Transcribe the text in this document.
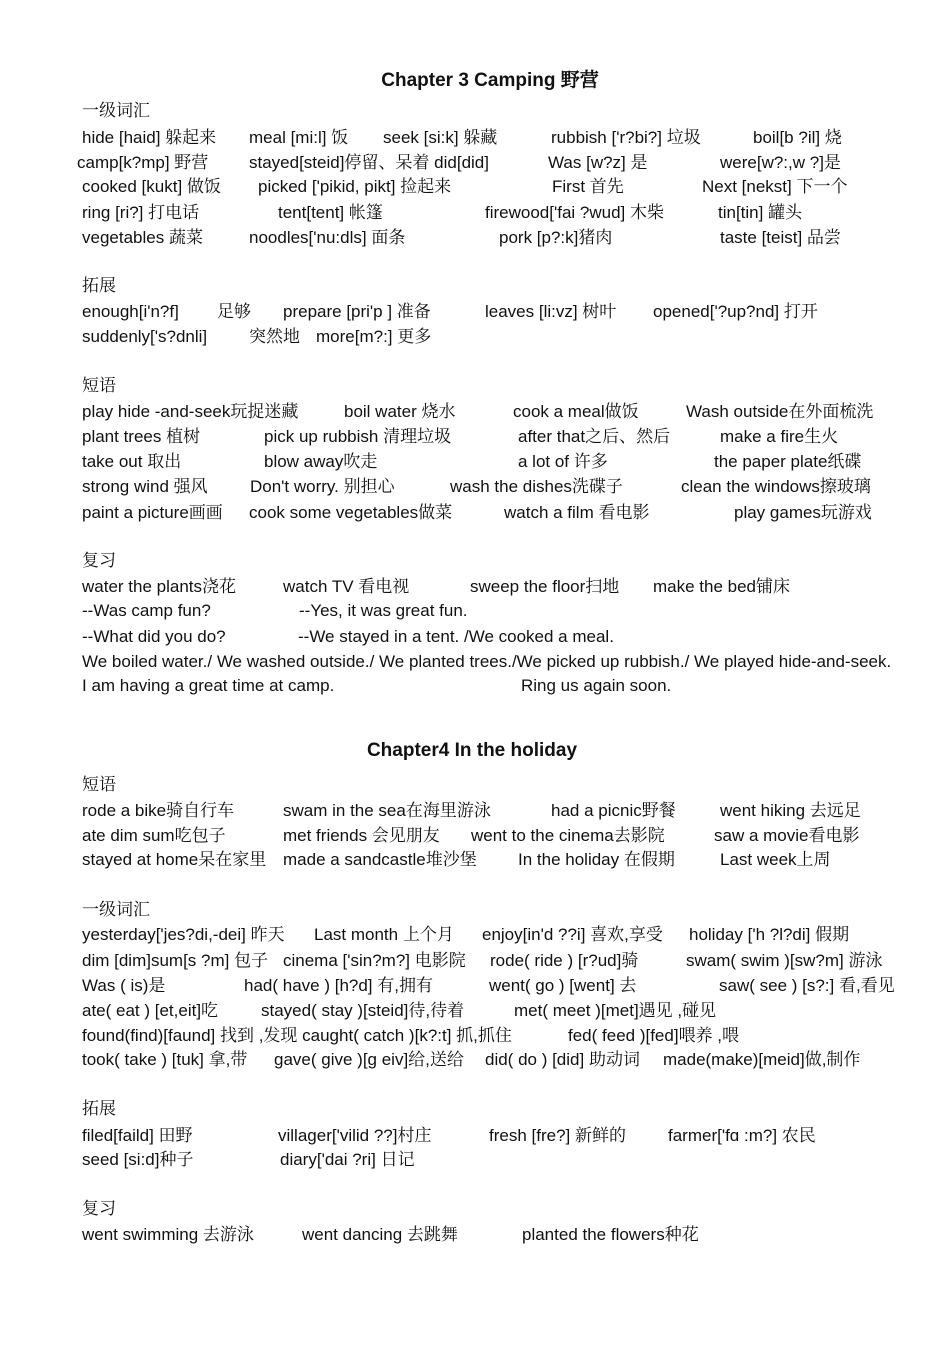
Chapter 3 Camping 野营
一级词汇
hide [haid] 躲起来 meal [mi:l] 饭 seek [si:k] 躲藏	rubbish ['r?bi?] 垃圾	boil[b ?il] 烧
camp[k?mp] 野营 stayed[steid]停留、呆着 did[did]	Was [w?z] 是	were[w?:,w ?]是
cooked [kukt] 做饭 picked ['pikid, pikt] 捡起来	First 首先	Next [nekst] 下一个
ring [ri?] 打电话	tent[tent] 帐篷	firewood['fai ?wud] 木柴	tin[tin] 罐头
vegetables 蔬菜	noodles['nu:dls] 面条	pork [p?:k]猪肉	taste [teist] 品尝
拓展
enough[i'n?f] 足够 prepare [pri'p ] 准备	leaves [li:vz] 树叶 opened['?up?nd] 打开
suddenly['s?dnli] 突然地 more[m?:] 更多
短语
play hide -and-seek玩捉迷藏	boil water 烧水	cook a meal做饭	Wash outside在外面梳洗
plant trees 植树	pick up rubbish 清理垃圾	after that之后、然后	make a fire生火
take out 取出	blow away吹走	a lot of 许多	the paper plate纸碟
strong wind 强风 Don't worry. 别担心	wash the dishes洗碟子	clean the windows擦玻璃
paint a picture画画 cook some vegetables做菜	watch a film 看电影	play games玩游戏
复习
water the plants浇花	watch TV 看电视	sweep the floor扫地 make the bed铺床
--Was camp fun?	--Yes, it was great fun.
--What did you do?	--We stayed in a tent. /We cooked a meal.
We boiled water./ We washed outside./ We planted trees./We picked up rubbish./ We played hide-and-seek.
I am having a great time at camp.	Ring us again soon.
Chapter4 In the holiday
短语
rode a bike骑自行车	swam in the sea在海里游泳	had a picnic野餐	went hiking 去远足
ate dim sum吃包子	met friends 会见朋友 went to the cinema去影院	saw a movie看电影
stayed at home呆在家里 made a sandcastle堆沙堡 In the holiday 在假期	Last week上周
一级词汇
yesterday['jes?di,-dei] 昨天 Last month 上个月 enjoy[in'd ??i] 喜欢,享受 holiday ['h ?l?di] 假期
dim [dim]sum[s ?m] 包子 cinema ['sin?m?] 电影院 rode( ride ) [r?ud]骑	swam( swim )[sw?m] 游泳
Was ( is)是	had( have ) [h?d] 有,拥有	went( go ) [went] 去	saw( see ) [s?:] 看,看见
ate( eat ) [et,eit]吃	stayed( stay )[steid]待,待着	met( meet )[met]遇见 ,碰见
found(find)[faund] 找到 ,发现 caught( catch )[k?:t] 抓,抓住	fed( feed )[fed]喂养 ,喂
took( take ) [tuk] 拿,带 gave( give )[g eiv]给,送给 did( do ) [did] 助动词 made(make)[meid]做,制作
拓展
filed[faild] 田野	villager['vilid ??]村庄	fresh [fre?] 新鲜的 farmer['fɑ :m?] 农民
seed [si:d]种子	diary['dai ?ri] 日记
复习
went swimming 去游泳	went dancing 去跳舞	planted the flowers种花
